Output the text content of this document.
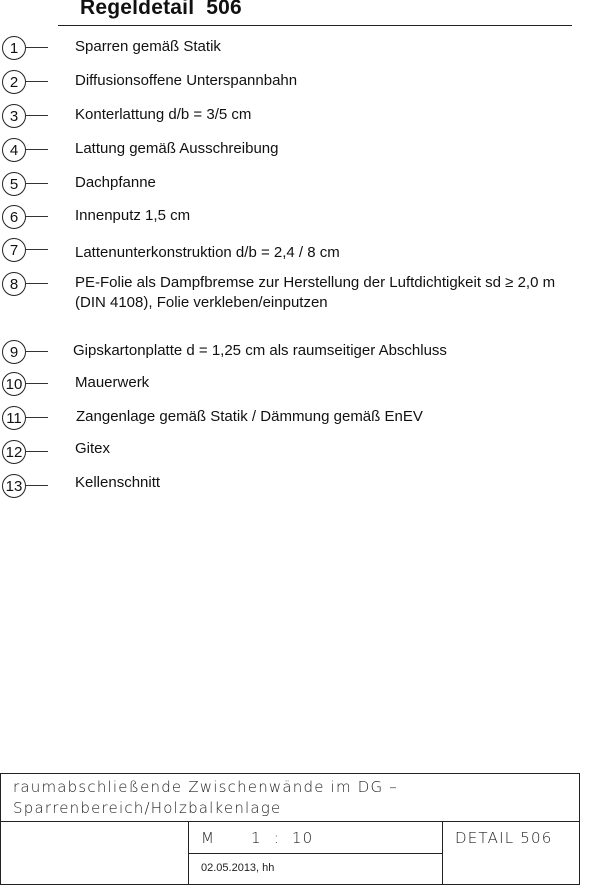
Regeldetail  506
1	Sparren gemäß Statik
2	Diffusionsoffene Unterspannbahn
3	Konterlattung d/b = 3/5 cm
4	Lattung gemäß Ausschreibung
5	Dachpfanne
6	Innenputz 1,5 cm
7	Lattenunterkonstruktion d/b = 2,4 / 8 cm
8	PE-Folie als Dampfbremse zur Herstellung der Luftdichtigkeit sd ≥ 2,0 m
(DIN 4108), Folie verkleben/einputzen
9	Gipskartonplatte d = 1,25 cm als raumseitiger Abschluss
10	Mauerwerk
11	Zangenlage gemäß Statik / Dämmung gemäß EnEV
12	Gitex
13	Kellenschnitt
raumabschließende Zwischenwände im DG –
Sparrenbereich/Holzbalkenlage
M 1 : 10	DETAIL 506
02.05.2013, hh
